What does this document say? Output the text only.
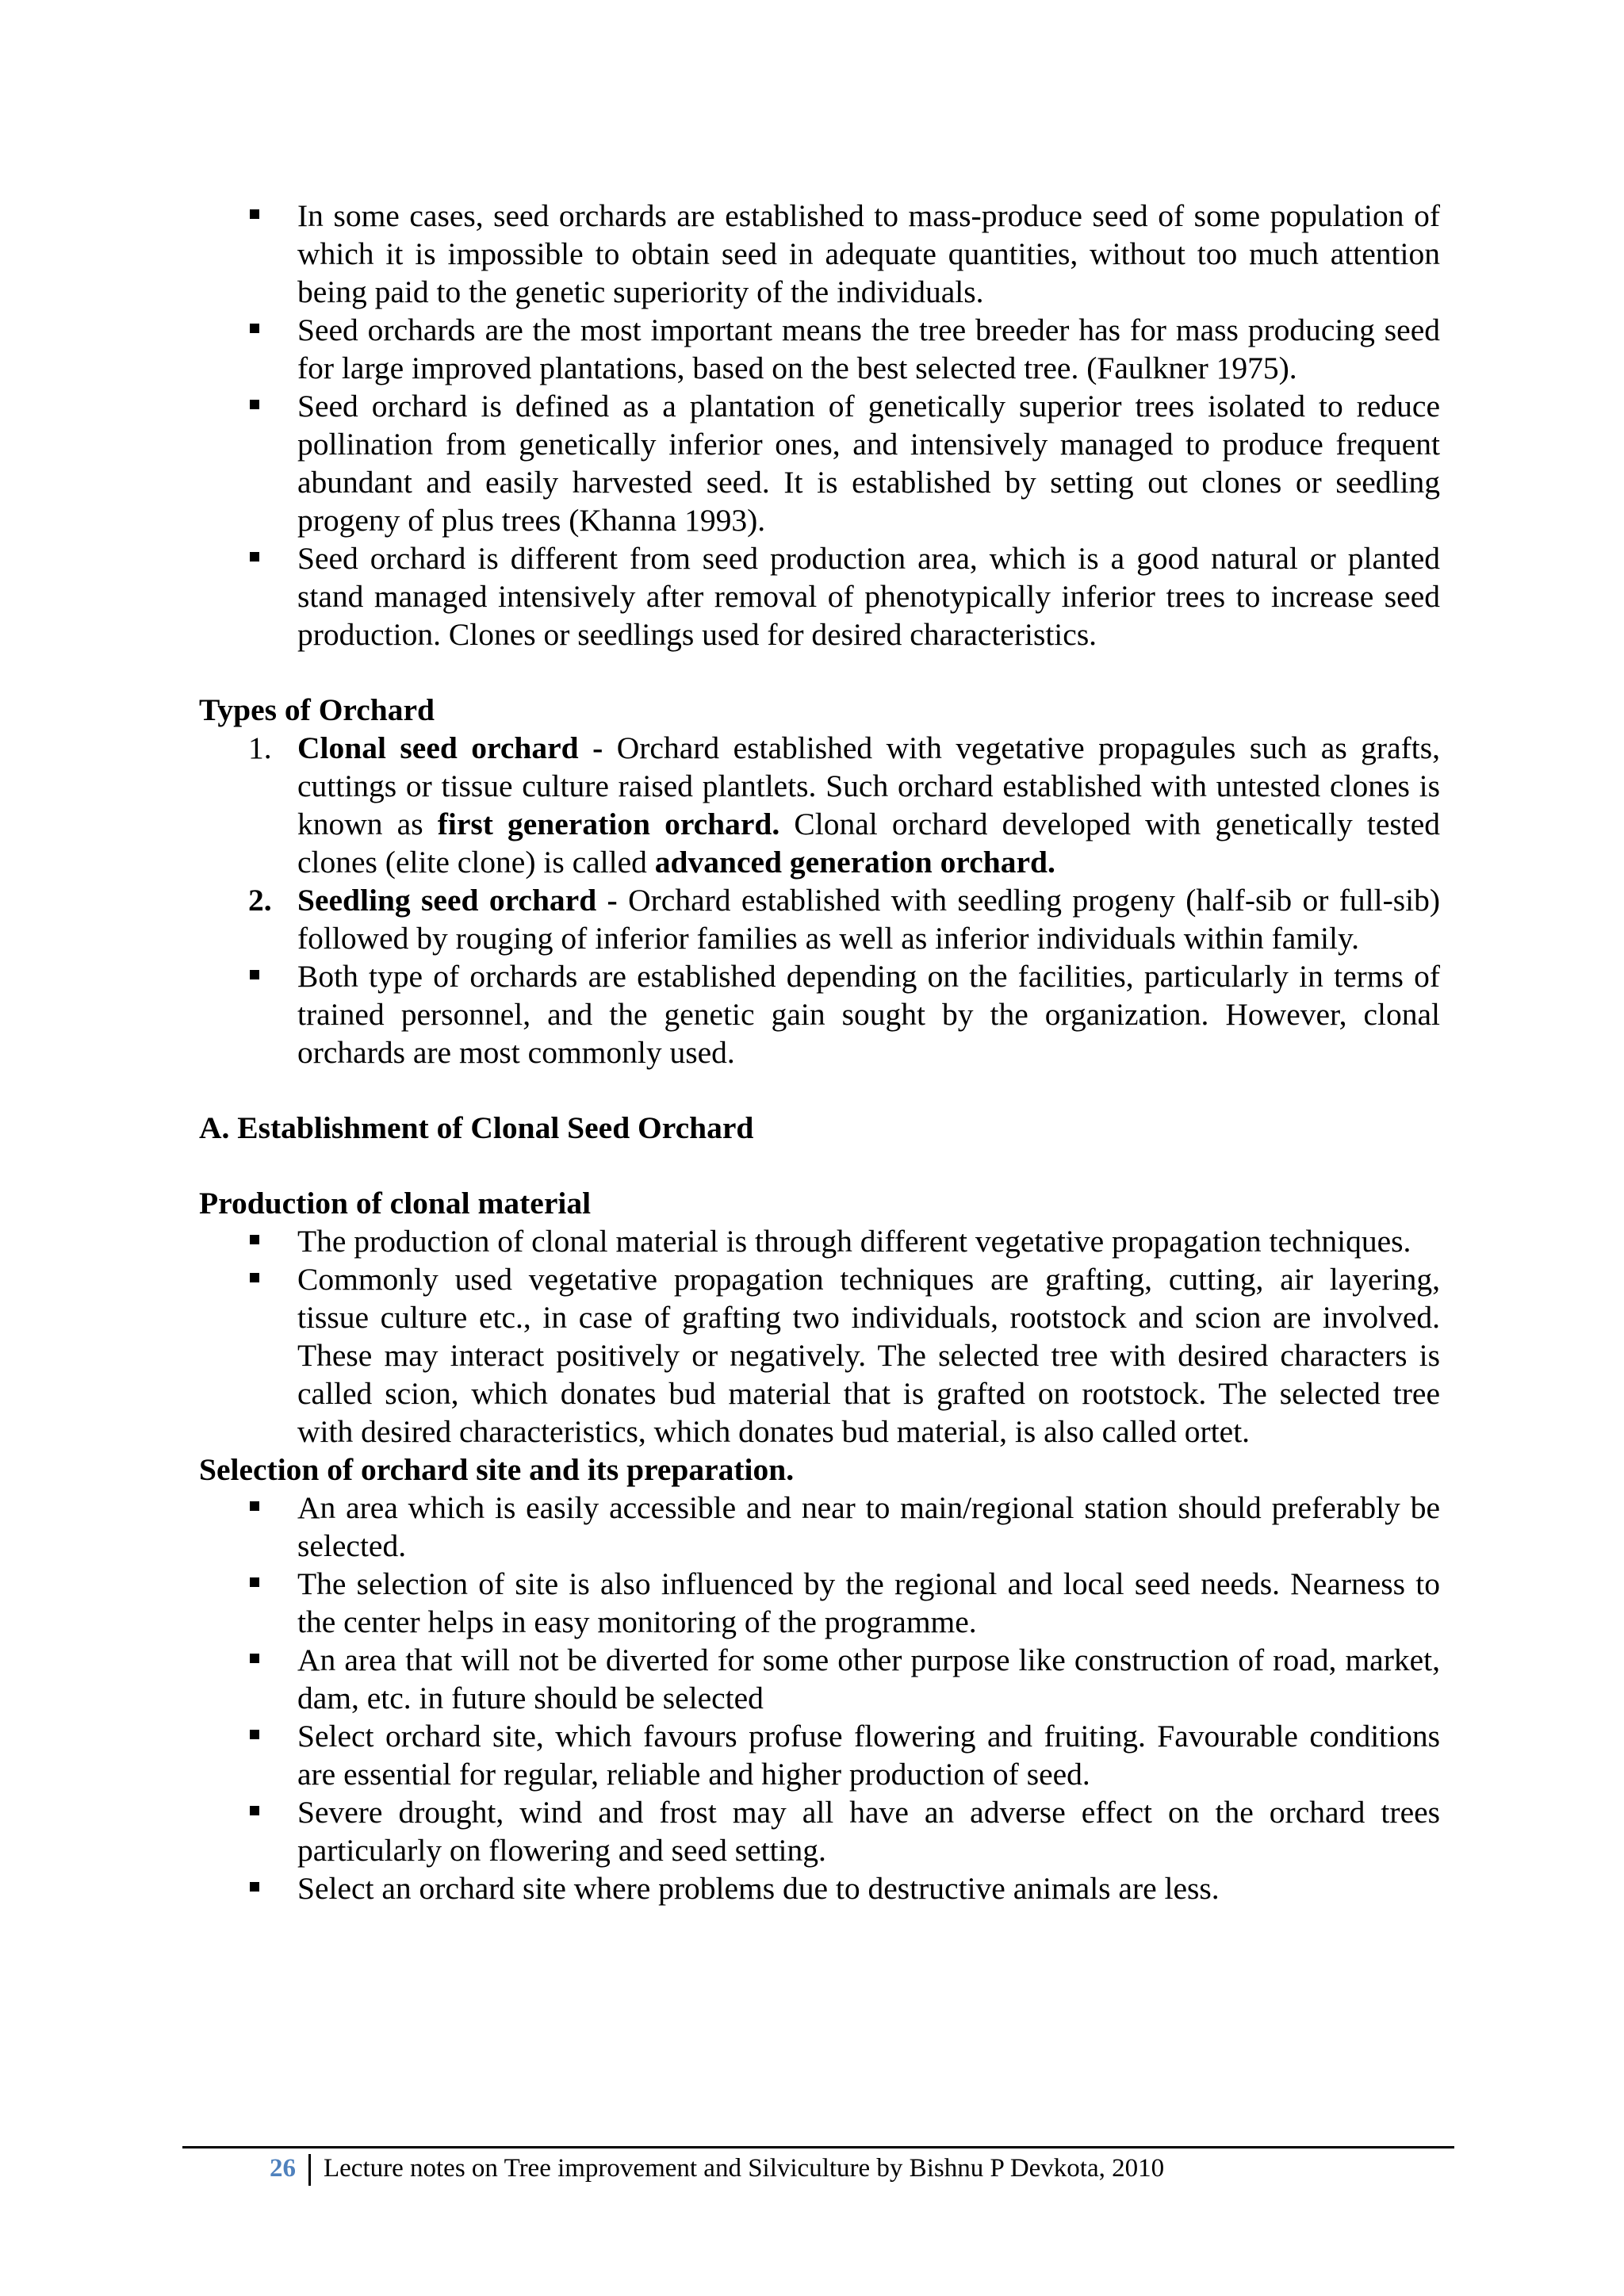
In some cases, seed orchards are established to mass-produce seed of some population of which it is impossible to obtain seed in adequate quantities, without too much attention being paid to the genetic superiority of the individuals.
Seed orchards are the most important means the tree breeder has for mass producing seed for large improved plantations, based on the best selected tree. (Faulkner 1975).
Seed orchard is defined as a plantation of genetically superior trees isolated to reduce pollination from genetically inferior ones, and intensively managed to produce frequent abundant and easily harvested seed. It is established by setting out clones or seedling progeny of plus trees (Khanna 1993).
Seed orchard is different from seed production area, which is a good natural or planted stand managed intensively after removal of phenotypically inferior trees to increase seed production. Clones or seedlings used for desired characteristics.

Types of Orchard

1. Clonal seed orchard - Orchard established with vegetative propagules such as grafts, cuttings or tissue culture raised plantlets. Such orchard established with untested clones is known as first generation orchard. Clonal orchard developed with genetically tested clones (elite clone) is called advanced generation orchard.
2. Seedling seed orchard - Orchard established with seedling progeny (half-sib or full-sib) followed by rouging of inferior families as well as inferior individuals within family.
Both type of orchards are established depending on the facilities, particularly in terms of trained personnel, and the genetic gain sought by the organization. However, clonal orchards are most commonly used.

A. Establishment of Clonal Seed Orchard

Production of clonal material

The production of clonal material is through different vegetative propagation techniques.
Commonly used vegetative propagation techniques are grafting, cutting, air layering, tissue culture etc., in case of grafting two individuals, rootstock and scion are involved. These may interact positively or negatively. The selected tree with desired characters is called scion, which donates bud material that is grafted on rootstock. The selected tree with desired characteristics, which donates bud material, is also called ortet.

Selection of orchard site and its preparation.

An area which is easily accessible and near to main/regional station should preferably be selected.
The selection of site is also influenced by the regional and local seed needs. Nearness to the center helps in easy monitoring of the programme.
An area that will not be diverted for some other purpose like construction of road, market, dam, etc. in future should be selected
Select orchard site, which favours profuse flowering and fruiting. Favourable conditions are essential for regular, reliable and higher production of seed.
Severe drought, wind and frost may all have an adverse effect on the orchard trees particularly on flowering and seed setting.
Select an orchard site where problems due to destructive animals are less.
26 Lecture notes on Tree improvement and Silviculture by Bishnu P Devkota, 2010
